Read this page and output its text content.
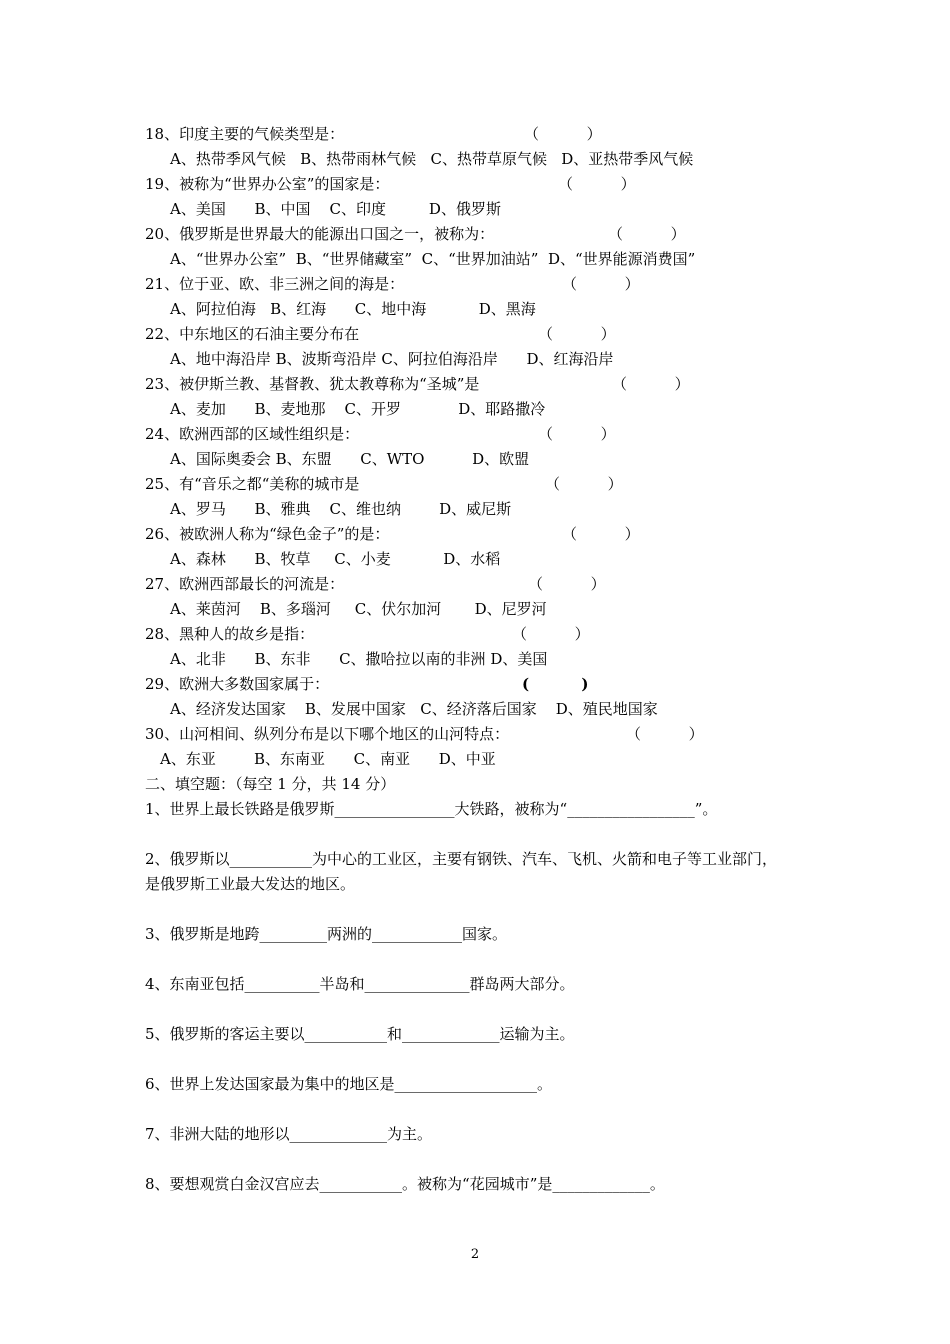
18、印度主要的气候类型是：	（          ）
A、热带季风气候   B、热带雨林气候   C、热带草原气候   D、亚热带季风气候
19、被称为“世界办公室”的国家是：	（          ）
A、美国      B、中国    C、印度         D、俄罗斯
20、俄罗斯是世界最大的能源出口国之一，被称为：	（          ）
A、“世界办公室”  B、“世界储藏室”  C、“世界加油站”  D、“世界能源消费国”
21、位于亚、欧、非三洲之间的海是：	（          ）
A、阿拉伯海   B、红海      C、地中海           D、黑海
22、中东地区的石油主要分布在	（          ）
A、地中海沿岸 B、波斯弯沿岸 C、阿拉伯海沿岸      D、红海沿岸
23、被伊斯兰教、基督教、犹太教尊称为“圣城”是	（          ）
A、麦加      B、麦地那    C、开罗            D、耶路撒冷
24、欧洲西部的区域性组织是：	（          ）
A、国际奥委会 B、东盟      C、WTO          D、欧盟
25、有“音乐之都“美称的城市是	（          ）
A、罗马      B、雅典    C、维也纳        D、威尼斯
26、被欧洲人称为“绿色金子”的是：	（          ）
A、森林      B、牧草     C、小麦           D、水稻
27、欧洲西部最长的河流是：	（          ）
A、莱茵河    B、多瑙河     C、伏尔加河       D、尼罗河
28、黑种人的故乡是指：	（          ）
A、北非      B、东非      C、撒哈拉以南的非洲 D、美国
29、欧洲大多数国家属于：	(          )
A、经济发达国家    B、发展中国家   C、经济落后国家    D、殖民地国家
30、山河相间、纵列分布是以下哪个地区的山河特点：	（          ）
A、东亚        B、东南亚      C、南亚      D、中亚
二、填空题：（每空 1 分，共 14 分）
1、世界上最长铁路是俄罗斯________________大铁路，被称为“_________________”。
2、俄罗斯以___________为中心的工业区，主要有钢铁、汽车、飞机、火箭和电子等工业部门，
是俄罗斯工业最大发达的地区。
3、俄罗斯是地跨_________两洲的____________国家。
4、东南亚包括__________半岛和______________群岛两大部分。
5、俄罗斯的客运主要以___________和_____________运输为主。
6、世界上发达国家最为集中的地区是___________________。
7、非洲大陆的地形以_____________为主。
8、要想观赏白金汉宫应去___________。被称为“花园城市”是_____________。
2
